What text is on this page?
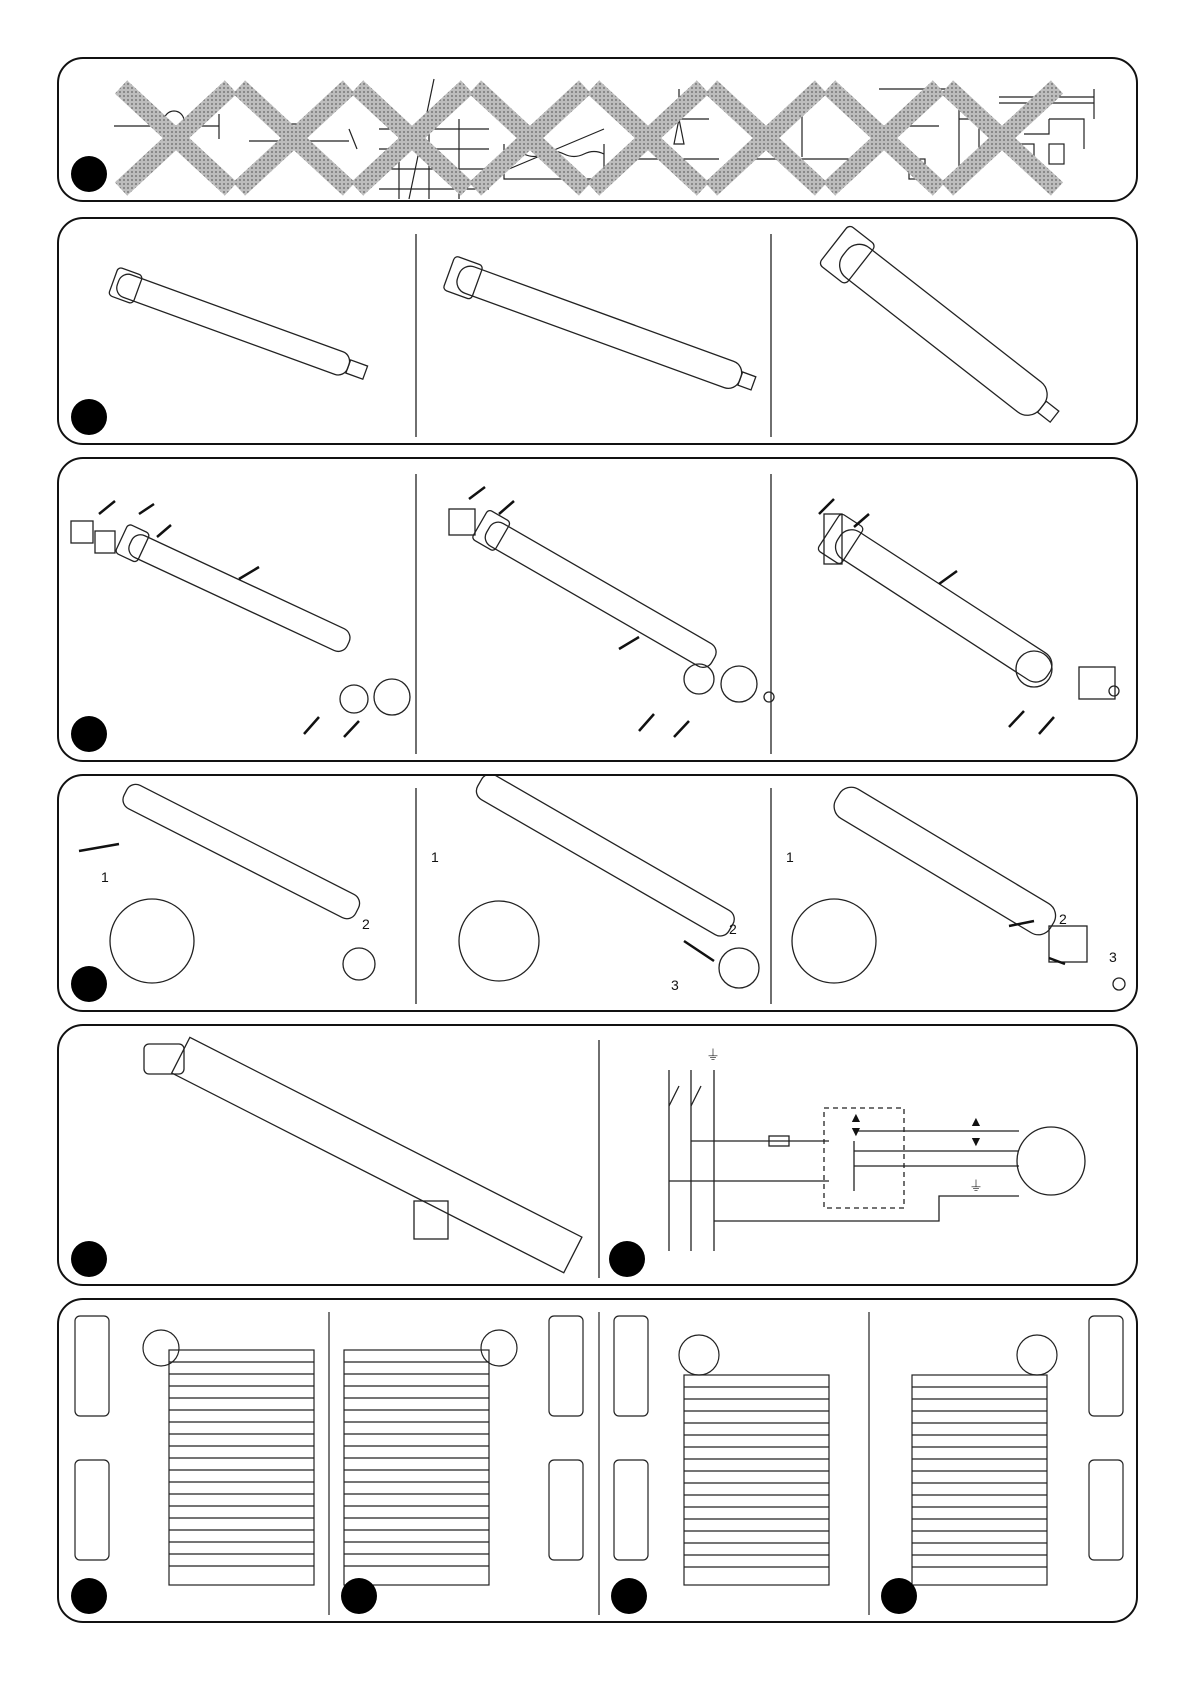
1
2
1
2
3
1
2
3
⏚
▲
▼
▲
▼
⏚
